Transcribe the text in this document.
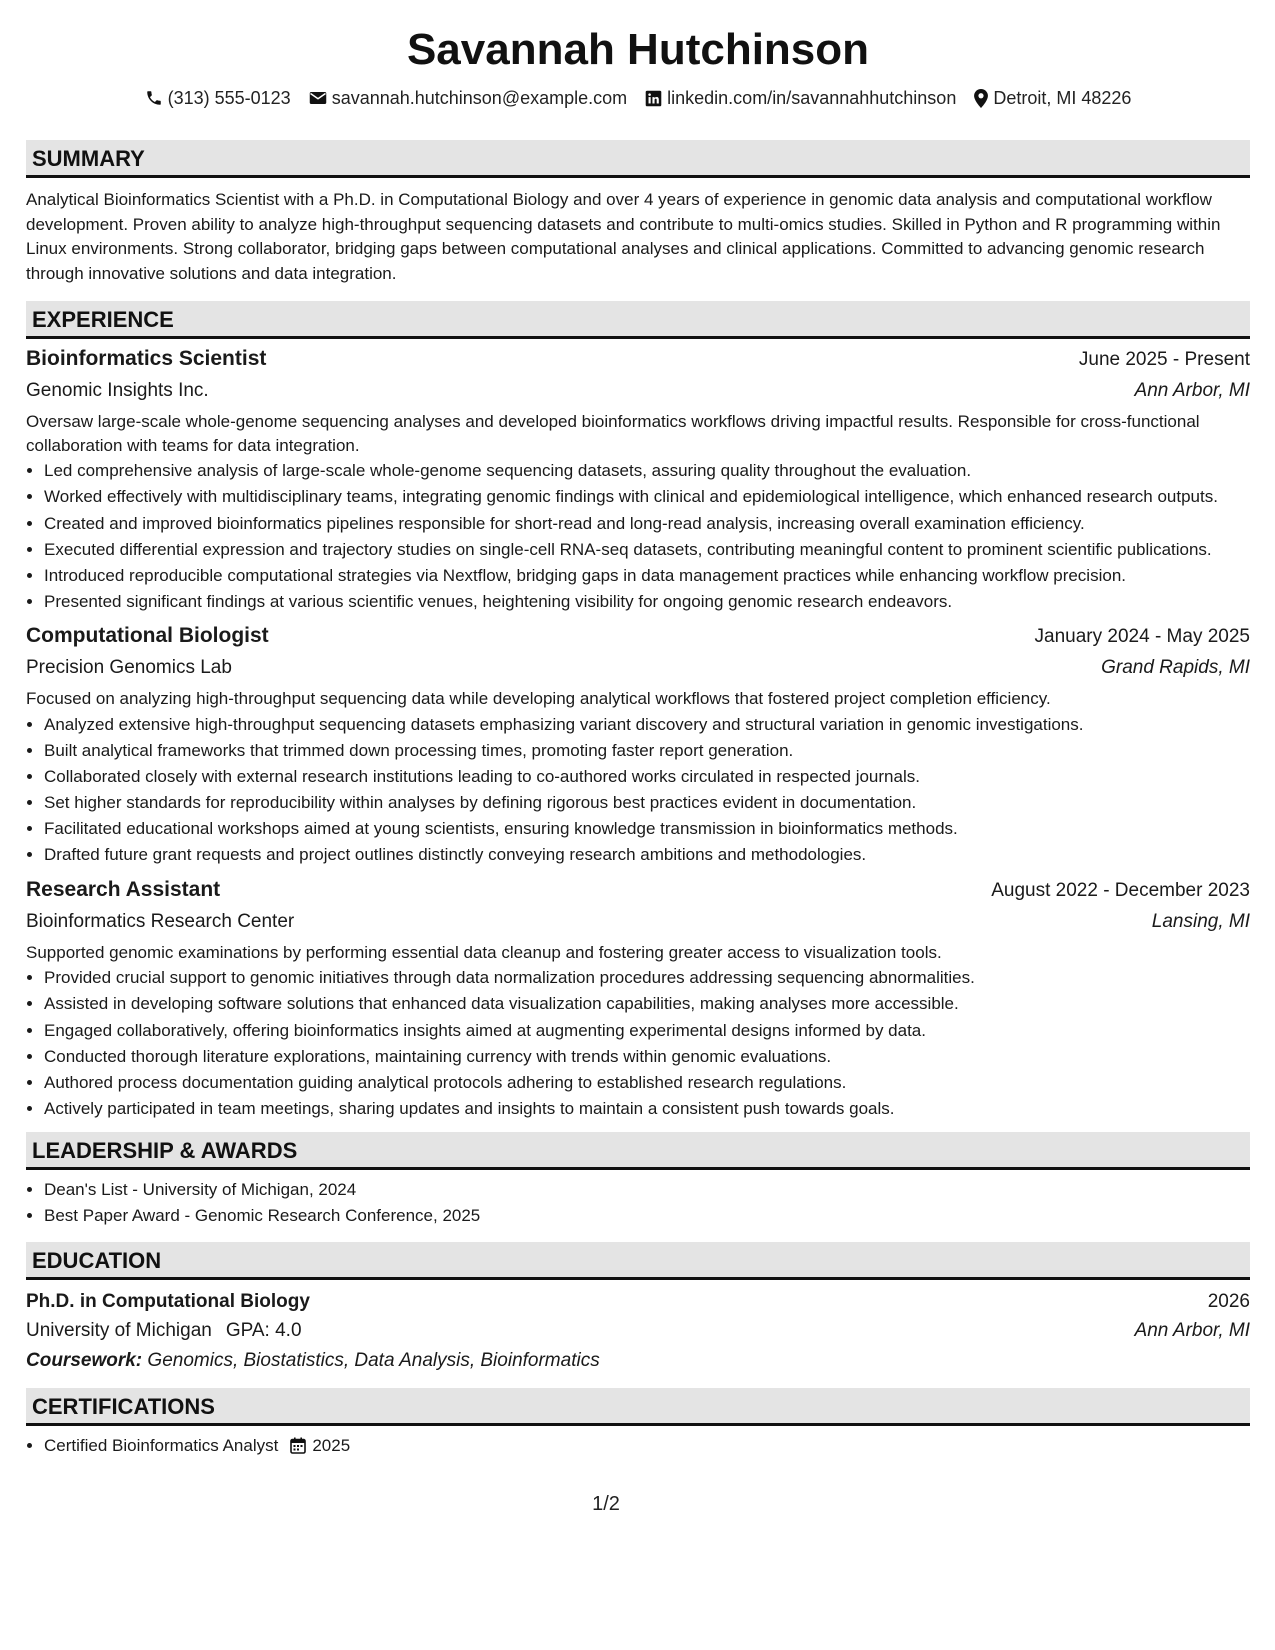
Savannah Hutchinson
(313) 555-0123 savannah.hutchinson@example.com linkedin.com/in/savannahhutchinson Detroit, MI 48226
SUMMARY

Analytical Bioinformatics Scientist with a Ph.D. in Computational Biology and over 4 years of experience in genomic data analysis and computational workflow development. Proven ability to analyze high-throughput sequencing datasets and contribute to multi-omics studies. Skilled in Python and R programming within Linux environments. Strong collaborator, bridging gaps between computational analyses and clinical applications. Committed to advancing genomic research through innovative solutions and data integration.

EXPERIENCE
Bioinformatics Scientist	June 2025 - Present
Genomic Insights Inc.	Ann Arbor, MI
Oversaw large-scale whole-genome sequencing analyses and developed bioinformatics workflows driving impactful results. Responsible for cross-functional collaboration with teams for data integration.
• Led comprehensive analysis of large-scale whole-genome sequencing datasets, assuring quality throughout the evaluation.
• Worked effectively with multidisciplinary teams, integrating genomic findings with clinical and epidemiological intelligence, which enhanced research outputs.
• Created and improved bioinformatics pipelines responsible for short-read and long-read analysis, increasing overall examination efficiency.
• Executed differential expression and trajectory studies on single-cell RNA-seq datasets, contributing meaningful content to prominent scientific publications.
• Introduced reproducible computational strategies via Nextflow, bridging gaps in data management practices while enhancing workflow precision.
• Presented significant findings at various scientific venues, heightening visibility for ongoing genomic research endeavors.
Computational Biologist	January 2024 - May 2025
Precision Genomics Lab	Grand Rapids, MI
Focused on analyzing high-throughput sequencing data while developing analytical workflows that fostered project completion efficiency.
• Analyzed extensive high-throughput sequencing datasets emphasizing variant discovery and structural variation in genomic investigations.
• Built analytical frameworks that trimmed down processing times, promoting faster report generation.
• Collaborated closely with external research institutions leading to co-authored works circulated in respected journals.
• Set higher standards for reproducibility within analyses by defining rigorous best practices evident in documentation.
• Facilitated educational workshops aimed at young scientists, ensuring knowledge transmission in bioinformatics methods.
• Drafted future grant requests and project outlines distinctly conveying research ambitions and methodologies.
Research Assistant	August 2022 - December 2023
Bioinformatics Research Center	Lansing, MI
Supported genomic examinations by performing essential data cleanup and fostering greater access to visualization tools.
• Provided crucial support to genomic initiatives through data normalization procedures addressing sequencing abnormalities.
• Assisted in developing software solutions that enhanced data visualization capabilities, making analyses more accessible.
• Engaged collaboratively, offering bioinformatics insights aimed at augmenting experimental designs informed by data.
• Conducted thorough literature explorations, maintaining currency with trends within genomic evaluations.
• Authored process documentation guiding analytical protocols adhering to established research regulations.
• Actively participated in team meetings, sharing updates and insights to maintain a consistent push towards goals.
LEADERSHIP & AWARDS
• Dean's List - University of Michigan, 2024
• Best Paper Award - Genomic Research Conference, 2025
EDUCATION
Ph.D. in Computational Biology	2026
University of Michigan GPA: 4.0	Ann Arbor, MI
Coursework: Genomics, Biostatistics, Data Analysis, Bioinformatics
CERTIFICATIONS
• Certified Bioinformatics Analyst 2025
1/2
